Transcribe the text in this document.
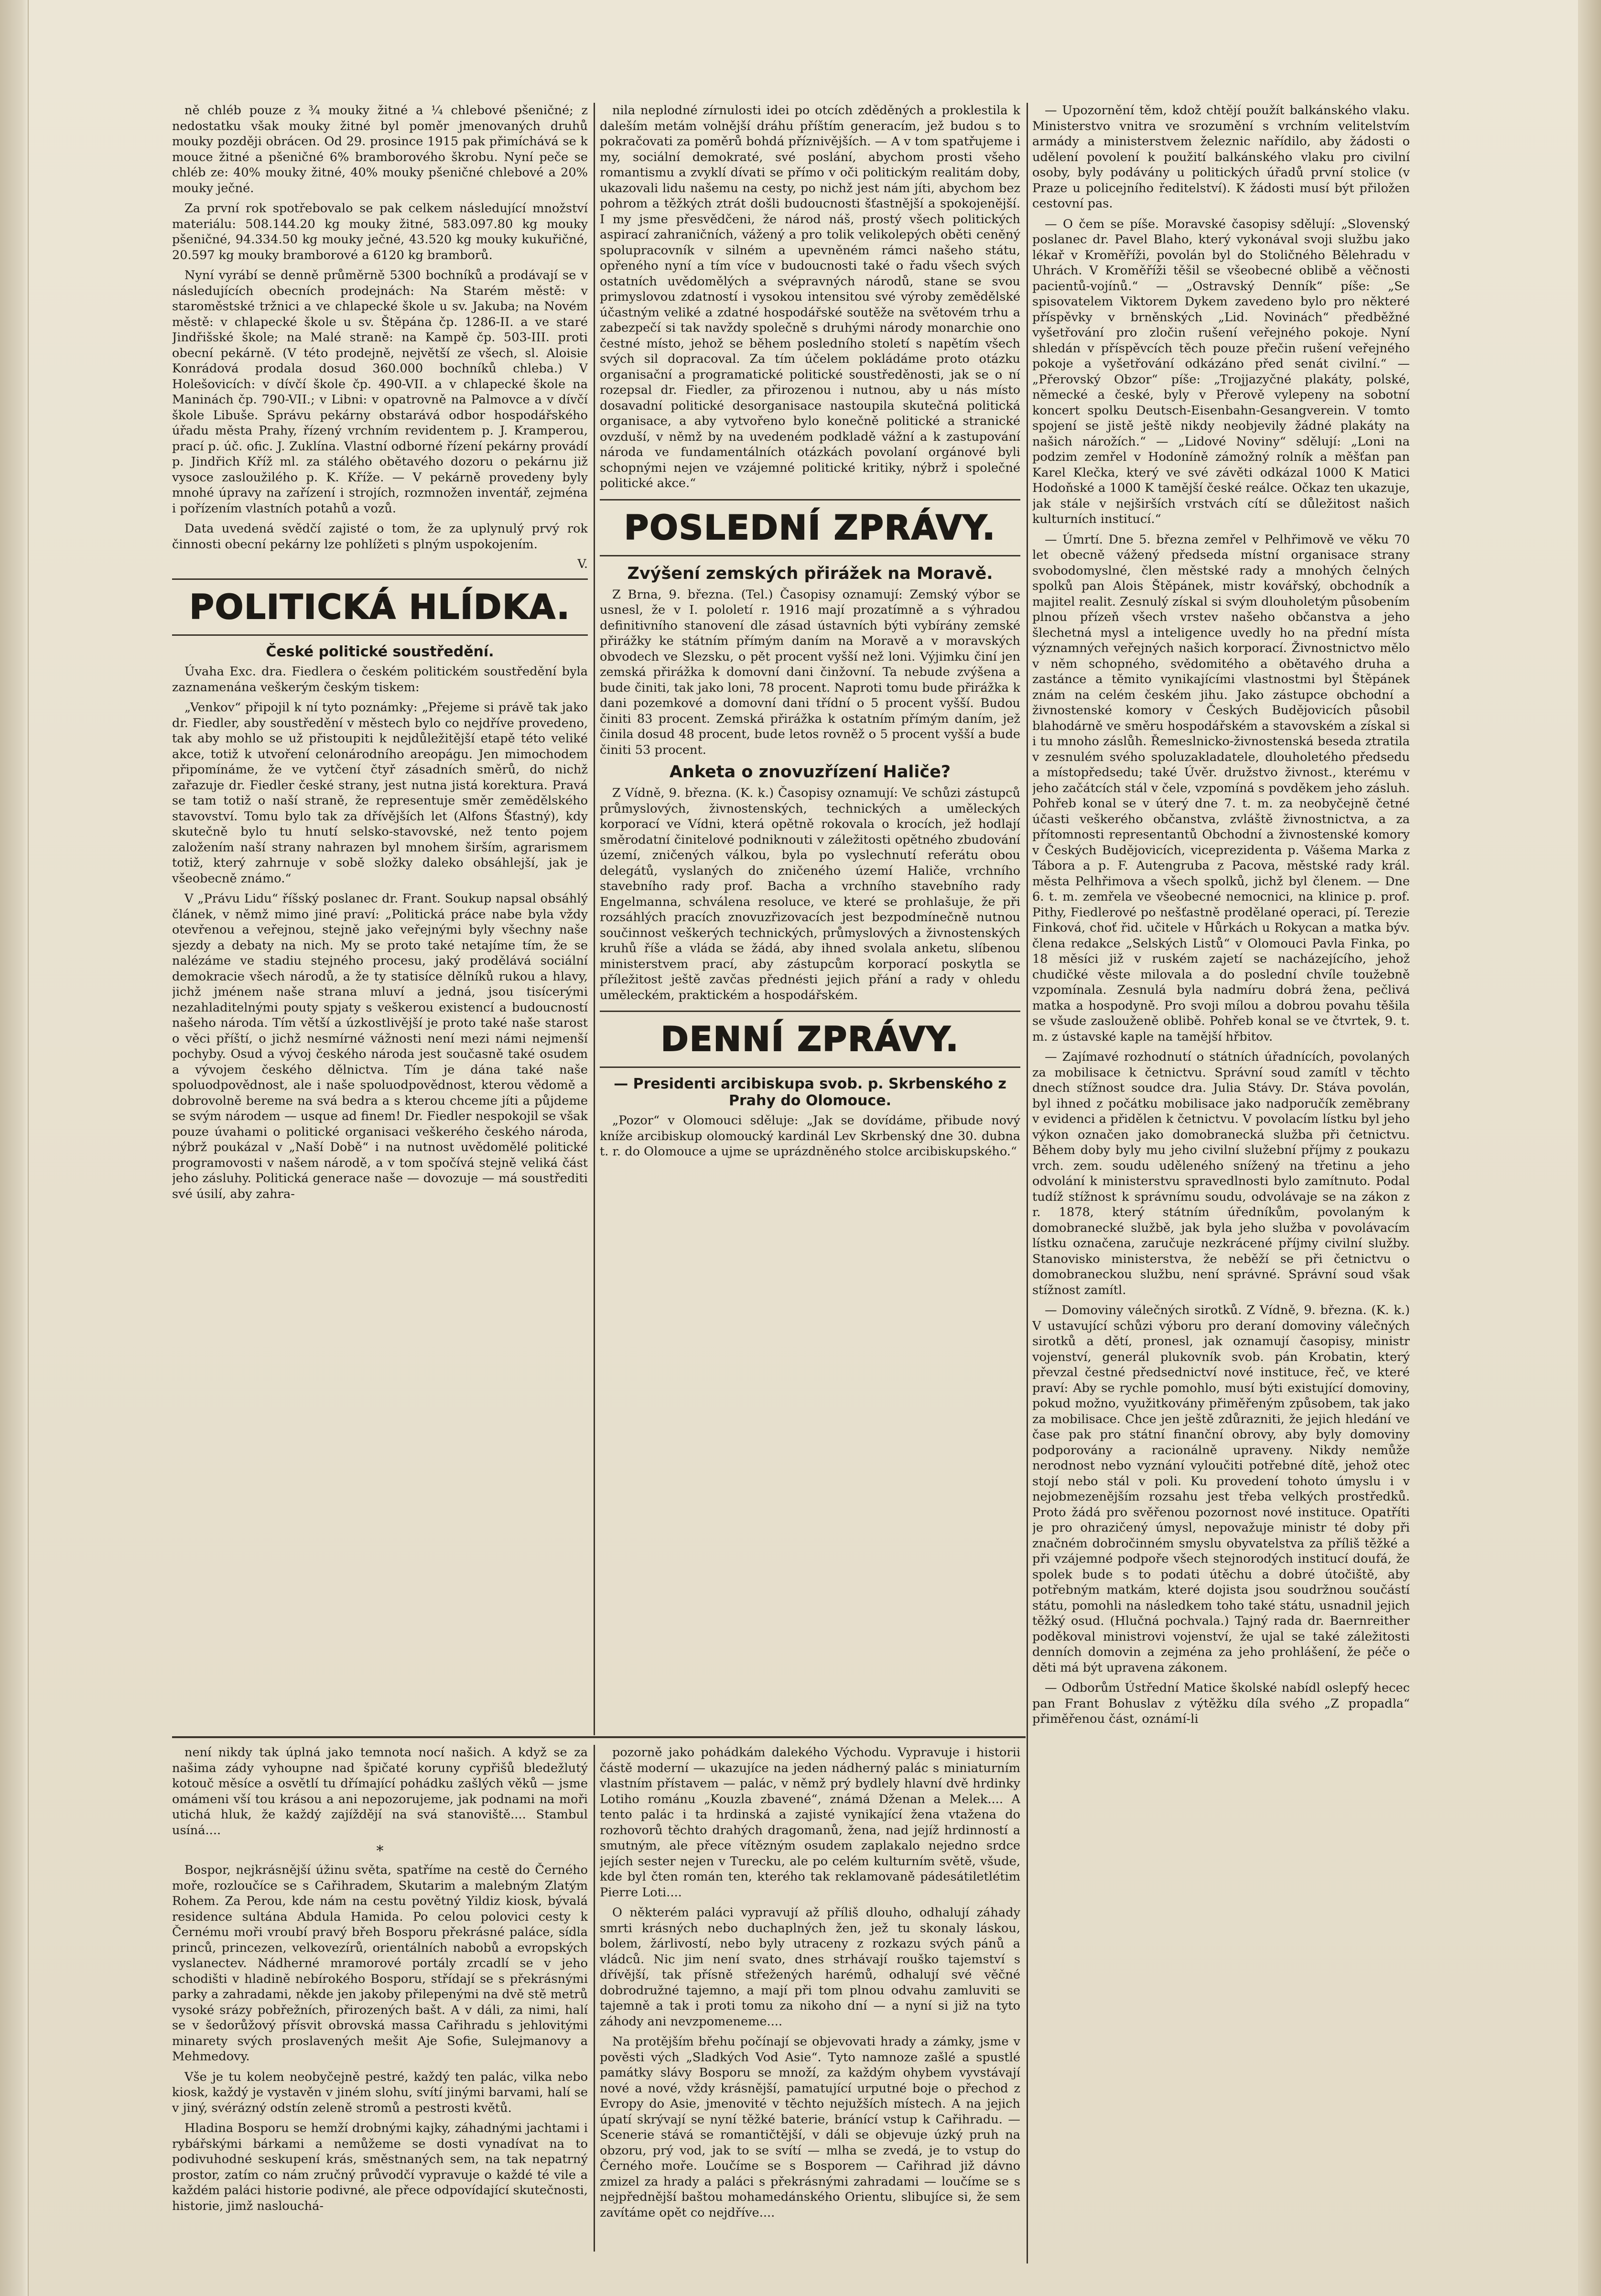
ně chléb pouze z ¾ mouky žitné a ¼ chlebové pšeničné; z nedostatku však mouky žitné byl poměr jmenovaných druhů mouky později obrácen. Od 29. prosince 1915 pak přimíchává se k mouce žitné a pšeničné 6% bramborového škrobu. Nyní peče se chléb ze: 40% mouky žitné, 40% mouky pšeničné chlebové a 20% mouky ječné.

Za první rok spotřebovalo se pak celkem následující množství materiálu: 508.144.20 kg mouky žitné, 583.097.80 kg mouky pšeničné, 94.334.50 kg mouky ječné, 43.520 kg mouky kukuřičné, 20.597 kg mouky bramborové a 6120 kg bramborů.

Nyní vyrábí se denně průměrně 5300 bochníků a prodávají se v následujících obecních prodejnách: Na Starém městě: v staroměstské tržnici a ve chlapecké škole u sv. Jakuba; na Novém městě: v chlapecké škole u sv. Štěpána čp. 1286-II. a ve staré Jindřišské škole; na Malé straně: na Kampě čp. 503-III. proti obecní pekárně. (V této prodejně, největší ze všech, sl. Aloisie Konrádová prodala dosud 360.000 bochníků chleba.) V Holešovicích: v dívčí škole čp. 490-VII. a v chlapecké škole na Maninách čp. 790-VII.; v Libni: v opatrovně na Palmovce a v dívčí škole Libuše. Správu pekárny obstarává odbor hospodářského úřadu města Prahy, řízený vrchním revidentem p. J. Kramperou, prací p. úč. ofic. J. Zuklína. Vlastní odborné řízení pekárny provádí p. Jindřich Kříž ml. za stálého obětavého dozoru o pekárnu již vysoce zasloužilého p. K. Kříže. — V pekárně provedeny byly mnohé úpravy na zařízení i strojích, rozmnožen inventář, zejména i pořízením vlastních potahů a vozů.

Data uvedená svědčí zajisté o tom, že za uplynulý prvý rok činnosti obecní pekárny lze pohlížeti s plným uspokojením.

V.
POLITICKÁ HLÍDKA.
České politické soustředění.

Úvaha Exc. dra. Fiedlera o českém politickém soustředění byla zaznamenána veškerým českým tiskem:

„Venkov“ připojil k ní tyto poznámky: „Přejeme si právě tak jako dr. Fiedler, aby soustředění v městech bylo co nejdříve provedeno, tak aby mohlo se už přistoupiti k nejdůležitější etapě této veliké akce, totiž k utvoření celonárodního areopágu. Jen mimochodem připomínáme, že ve vytčení čtyř zásadních směrů, do nichž zařazuje dr. Fiedler české strany, jest nutna jistá korektura. Pravá se tam totiž o naší straně, že representuje směr zemědělského stavovství. Tomu bylo tak za dřívějších let (Alfons Šťastný), kdy skutečně bylo tu hnutí selsko-stavovské, než tento pojem založením naší strany nahrazen byl mnohem širším, agrarismem totiž, který zahrnuje v sobě složky daleko obsáhlejší, jak je všeobecně známo.“

V „Právu Lidu“ říšský poslanec dr. Frant. Soukup napsal obsáhlý článek, v němž mimo jiné praví: „Politická práce nabe byla vždy otevřenou a veřejnou, stejně jako veřejnými byly všechny naše sjezdy a debaty na nich. My se proto také netajíme tím, že se nalézáme ve stadiu stejného procesu, jaký prodělává sociální demokracie všech národů, a že ty statisíce dělníků rukou a hlavy, jichž jménem naše strana mluví a jedná, jsou tisícerými nezahladitelnými pouty spjaty s veškerou existencí a budoucností našeho národa. Tím větší a úzkostlivější je proto také naše starost o věci příští, o jichž nesmírné vážnosti není mezi námi nejmenší pochyby. Osud a vývoj českého národa jest současně také osudem a vývojem českého dělnictva. Tím je dána také naše spoluodpovědnost, ale i naše spoluodpovědnost, kterou vědomě a dobrovolně bereme na svá bedra a s kterou chceme jíti a půjdeme se svým národem — usque ad finem! Dr. Fiedler nespokojil se však pouze úvahami o politické organisaci veškerého českého národa, nýbrž poukázal v „Naší Době“ i na nutnost uvědomělé politické programovosti v našem národě, a v tom spočívá stejně veliká část jeho zásluhy. Politická generace naše — dovozuje — má soustřediti své úsilí, aby zahra-

nila neplodné zírnulosti idei po otcích zděděných a proklestila k daleším metám volnější dráhu příštím generacím, jež budou s to pokračovati za poměrů bohdá příznivějších. — A v tom spatřujeme i my, sociální demokraté, své poslání, abychom prosti všeho romantismu a zvyklí dívati se přímo v oči politickým realitám doby, ukazovali lidu našemu na cesty, po nichž jest nám jíti, abychom bez pohrom a těžkých ztrát došli budoucnosti šťastnější a spokojenější. I my jsme přesvědčeni, že národ náš, prostý všech politických aspirací zahraničních, vážený a pro tolik velikolepých oběti ceněný spolupracovník v silném a upevněném rámci našeho státu, opřeného nyní a tím více v budoucnosti také o řadu všech svých ostatních uvědomělých a svépravných národů, stane se svou primyslovou zdatností i vysokou intensitou své výroby zemědělské účastným veliké a zdatné hospodářské soutěže na světovém trhu a zabezpečí si tak navždy společně s druhými národy monarchie ono čestné místo, jehož se během posledního století s napětím všech svých sil dopracoval. Za tím účelem pokládáme proto otázku organisační a programatické politické soustředěnosti, jak se o ní rozepsal dr. Fiedler, za přirozenou i nutnou, aby u nás místo dosavadní politické desorganisace nastoupila skutečná politická organisace, a aby vytvořeno bylo konečně politické a stranické ovzduší, v němž by na uvedeném podkladě vážní a k zastupování národa ve fundamentálních otázkách povolaní orgánové byli schopnými nejen ve vzájemné politické kritiky, nýbrž i společné politické akce.“

POSLEDNÍ ZPRÁVY.
Zvýšení zemských přirážek na Moravě.

Z Brna, 9. března. (Tel.) Časopisy oznamují: Zemský výbor se usnesl, že v I. pololetí r. 1916 mají prozatímně a s výhradou definitivního stanovení dle zásad ústavních býti vybírány zemské přirážky ke státním přímým daním na Moravě a v moravských obvodech ve Slezsku, o pět procent vyšší než loni. Výjimku činí jen zemská přirážka k domovní dani činžovní. Ta nebude zvýšena a bude činiti, tak jako loni, 78 procent. Naproti tomu bude přirážka k dani pozemkové a domovní dani třídní o 5 procent vyšší. Budou činiti 83 procent. Zemská přirážka k ostatním přímým daním, jež činila dosud 48 procent, bude letos rovněž o 5 procent vyšší a bude činiti 53 procent.

Anketa o znovuzřízení Haliče?

Z Vídně, 9. března. (K. k.) Časopisy oznamují: Ve schůzi zástupců průmyslových, živnostenských, technických a uměleckých korporací ve Vídni, která opětně rokovala o krocích, jež hodlají směrodatní činitelové podniknouti v záležitosti opětného zbudování území, zničených válkou, byla po vyslechnutí referátu obou delegátů, vyslaných do zničeného území Haliče, vrchního stavebního rady prof. Bacha a vrchního stavebního rady Engelmanna, schválena resoluce, ve které se prohlašuje, že při rozsáhlých pracích znovuzřizovacích jest bezpodmínečně nutnou součinnost veškerých technických, průmyslových a živnostenských kruhů říše a vláda se žádá, aby ihned svolala anketu, slíbenou ministerstvem prací, aby zástupcům korporací poskytla se příležitost ještě zavčas přednésti jejich přání a rady v ohledu uměleckém, praktickém a hospodářském.

DENNÍ ZPRÁVY.
— Presidenti arcibiskupa svob. p. Skrbenského z Prahy do Olomouce.

„Pozor“ v Olomouci sděluje: „Jak se dovídáme, přibude nový kníže arcibiskup olomoucký kardinál Lev Skrbenský dne 30. dubna t. r. do Olomouce a ujme se uprázdněného stolce arcibiskupského.“

— Upozornění těm, kdož chtějí použít balkánského vlaku. Ministerstvo vnitra ve srozumění s vrchním velitelstvím armády a ministerstvem železnic nařídilo, aby žádosti o udělení povolení k použití balkánského vlaku pro civilní osoby, byly podávány u politických úřadů první stolice (v Praze u policejního ředitelství). K žádosti musí být přiložen cestovní pas.

— O čem se píše. Moravské časopisy sdělují: „Slovenský poslanec dr. Pavel Blaho, který vykonával svoji službu jako lékař v Kroměříži, povolán byl do Stoličného Bělehradu v Uhrách. V Kroměříži těšil se všeobecné oblibě a věčnosti pacientů-vojínů.“ — „Ostravský Denník“ píše: „Se spisovatelem Viktorem Dykem zavedeno bylo pro některé příspěvky v brněnských „Lid. Novinách“ předběžné vyšetřování pro zločin rušení veřejného pokoje. Nyní shledán v příspěvcích těch pouze přečin rušení veřejného pokoje a vyšetřování odkázáno před senát civilní.“ — „Přerovský Obzor“ píše: „Trojjazyčné plakáty, polské, německé a české, byly v Přerově vylepeny na sobotní koncert spolku Deutsch-Eisenbahn-Gesangverein. V tomto spojení se jistě ještě nikdy neobjevily žádné plakáty na našich nárožích.“ — „Lidové Noviny“ sdělují: „Loni na podzim zemřel v Hodoníně zámožný rolník a měšťan pan Karel Klečka, který ve své závěti odkázal 1000 K Matici Hodoňské a 1000 K tamější české reálce. Očkaz ten ukazuje, jak stále v nejširších vrstvách cítí se důležitost našich kulturních institucí.“

— Úmrtí. Dne 5. března zemřel v Pelhřimově ve věku 70 let obecně vážený předseda místní organisace strany svobodomyslné, člen městské rady a mnohých čelných spolků pan Alois Štěpánek, mistr kovářský, obchodník a majitel realit. Zesnulý získal si svým dlouholetým působením plnou přízeň všech vrstev našeho občanstva a jeho šlechetná mysl a inteligence uvedly ho na přední místa významných veřejných našich korporací. Živnostnictvo mělo v něm schopného, svědomitého a obětavého druha a zastánce a těmito vynikajícími vlastnostmi byl Štěpánek znám na celém českém jihu. Jako zástupce obchodní a živnostenské komory v Českých Budějovicích působil blahodárně ve směru hospodářském a stavovském a získal si i tu mnoho záslůh. Řemeslnicko-živnostenská beseda ztratila v zesnulém svého spoluzakladatele, dlouholetého předsedu a místopředsedu; také Úvěr. družstvo živnost., kterému v jeho začátcích stál v čele, vzpomíná s povděkem jeho zásluh. Pohřeb konal se v úterý dne 7. t. m. za neobyčejně četné účasti veškerého občanstva, zvláště živnostnictva, a za přítomnosti representantů Obchodní a živnostenské komory v Českých Budějovicích, viceprezidenta p. Vášema Marka z Tábora a p. F. Autengruba z Pacova, městské rady král. města Pelhřimova a všech spolků, jichž byl členem. — Dne 6. t. m. zemřela ve všeobecné nemocnici, na klinice p. prof. Pithy, Fiedlerové po nešťastně prodělané operaci, pí. Terezie Finková, choť řid. učitele v Hůrkách u Rokycan a matka býv. člena redakce „Selských Listů“ v Olomouci Pavla Finka, po 18 měsíci již v ruském zajetí se nacházejícího, jehož chudičké věste milovala a do poslední chvíle toužebně vzpomínala. Zesnulá byla nadmíru dobrá žena, pečlivá matka a hospodyně. Pro svoji mílou a dobrou povahu těšila se všude zaslouženě oblibě. Pohřeb konal se ve čtvrtek, 9. t. m. z ústavské kaple na tamější hřbitov.

— Zajímavé rozhodnutí o státních úřadnících, povolaných za mobilisace k četnictvu. Správní soud zamítl v těchto dnech stížnost soudce dra. Julia Stávy. Dr. Stáva povolán, byl ihned z počátku mobilisace jako nadporučík zeměbrany v evidenci a přidělen k četnictvu. V povolacím lístku byl jeho výkon označen jako domobranecká služba při četnictvu. Během doby byly mu jeho civilní služební příjmy z poukazu vrch. zem. soudu uděleného snížený na třetinu a jeho odvolání k ministerstvu spravedlnosti bylo zamítnuto. Podal tudíž stížnost k správnímu soudu, odvolávaje se na zákon z r. 1878, který státním úředníkům, povolaným k domobranecké službě, jak byla jeho služba v povolávacím lístku označena, zaručuje nezkrácené příjmy civilní služby. Stanovisko ministerstva, že neběží se při četnictvu o domobraneckou službu, není správné. Správní soud však stížnost zamítl.

— Domoviny válečných sirotků. Z Vídně, 9. března. (K. k.) V ustavující schůzi výboru pro deraní domoviny válečných sirotků a dětí, pronesl, jak oznamují časopisy, ministr vojenství, generál plukovník svob. pán Krobatin, který převzal čestné předsednictví nové instituce, řeč, ve které praví: Aby se rychle pomohlo, musí býti existující domoviny, pokud možno, využitkovány přiměřeným způsobem, tak jako za mobilisace. Chce jen ještě zdůrazniti, že jejich hledání ve čase pak pro státní finanční obrovy, aby byly domoviny podporovány a racionálně upraveny. Nikdy nemůže nerodnost nebo vyznání vyloučiti potřebné dítě, jehož otec stojí nebo stál v poli. Ku provedení tohoto úmyslu i v nejobmezenějším rozsahu jest třeba velkých prostředků. Proto žádá pro svěřenou pozornost nové instituce. Opatříti je pro ohrazičený úmysl, nepovažuje ministr té doby při značném dobročinném smyslu obyvatelstva za příliš těžké a při vzájemné podpoře všech stejnorodých institucí doufá, že spolek bude s to podati útěchu a dobré útočiště, aby potřebným matkám, které dojista jsou soudržnou součástí státu, pomohli na následkem toho také státu, usnadnil jejich těžký osud. (Hlučná pochvala.) Tajný rada dr. Baernreither poděkoval ministrovi vojenství, že ujal se také záležitosti denních domovin a zejména za jeho prohlášení, že péče o děti má být upravena zákonem.

— Odborům Ústřední Matice školské nabídl oslepfý hecec pan Frant Bohuslav z výtěžku díla svého „Z propadla“ přiměřenou část, oznámí-li

není nikdy tak úplná jako temnota nocí našich. A když se za našima zády vyhoupne nad špičaté koruny cypřišů bledežlutý kotouč měsíce a osvětlí tu dřímající pohádku zašlých věků — jsme omámeni vší tou krásou a ani nepozorujeme, jak podnami na moři utichá hluk, že každý zajíždějí na svá stanoviště.... Stambul usíná....

*

Bospor, nejkrásnější úžinu světa, spatříme na cestě do Černého moře, rozloučíce se s Cařihradem, Skutarim a malebným Zlatým Rohem. Za Perou, kde nám na cestu povětný Yildiz kiosk, bývalá residence sultána Abdula Hamida. Po celou polovici cesty k Černému moři vroubí pravý břeh Bosporu překrásné paláce, sídla princů, princezen, velkovezírů, orientálních nabobů a evropských vyslanectev. Nádherné mramorové portály zrcadlí se v jeho schodišti v hladině nebírokého Bosporu, střídají se s překrásnými parky a zahradami, někde jen jakoby přilepenými na dvě stě metrů vysoké srázy pobřežních, přirozených bašt. A v dáli, za nimi, halí se v šedorůžový přísvit obrovská massa Cařihradu s jehlovitými minarety svých proslavených mešit Aje Sofie, Sulejmanovy a Mehmedovy.

Vše je tu kolem neobyčejně pestré, každý ten palác, vilka nebo kiosk, každý je vystavěn v jiném slohu, svítí jinými barvami, halí se v jiný, svérázný odstín zeleně stromů a pestrosti květů.

Hladina Bosporu se hemží drobnými kajky, záhadnými jachtami i rybářskými bárkami a nemůžeme se dosti vynadívat na to podivuhodné seskupení krás, směstnaných sem, na tak nepatrný prostor, zatím co nám zručný průvodčí vypravuje o každé té vile a každém paláci historie podivné, ale přece odpovídající skutečnosti, historie, jimž naslouchá-

pozorně jako pohádkám dalekého Východu. Vypravuje i historii částě moderní — ukazujíce na jeden nádherný palác s miniaturním vlastním přístavem — palác, v němž prý bydlely hlavní dvě hrdinky Lotiho románu „Kouzla zbavené“, známá Dženan a Melek.... A tento palác i ta hrdinská a zajisté vynikající žena vtažena do rozhovorů těchto drahých dragomanů, žena, nad jejíž hrdinností a smutným, ale přece vítězným osudem zaplakalo nejedno srdce jejích sester nejen v Turecku, ale po celém kulturním světě, všude, kde byl čten román ten, kterého tak reklamovaně pádesátiletlétim Pierre Loti....

O některém paláci vypravují až příliš dlouho, odhalují záhady smrti krásných nebo duchaplných žen, jež tu skonaly láskou, bolem, žárlivostí, nebo byly utraceny z rozkazu svých pánů a vládců. Nic jim není svato, dnes strhávají rouško tajemství s dřívější, tak přísně střežených harémů, odhalují své věčné dobrodružné tajemno, a mají při tom plnou odvahu zamluviti se tajemně a tak i proti tomu za nikoho dní — a nyní si již na tyto záhody ani nevzpomeneme....

Na protějším břehu počínají se objevovati hrady a zámky, jsme v pověsti vých „Sladkých Vod Asie“. Tyto namnoze zašlé a spustlé památky slávy Bosporu se množí, za každým ohybem vyvstávají nové a nové, vždy krásnější, pamatující urputné boje o přechod z Evropy do Asie, jmenovité v těchto nejužších místech. A na jejich úpatí skrývají se nyní těžké baterie, bránící vstup k Cařihradu. — Scenerie stává se romantičtější, v dáli se objevuje úzký pruh na obzoru, prý vod, jak to se svítí — mlha se zvedá, je to vstup do Černého moře. Loučíme se s Bosporem — Cařihrad již dávno zmizel za hrady a paláci s překrásnými zahradami — loučíme se s nejpřednější baštou mohamedánského Orientu, slibujíce si, že sem zavítáme opět co nejdříve....
